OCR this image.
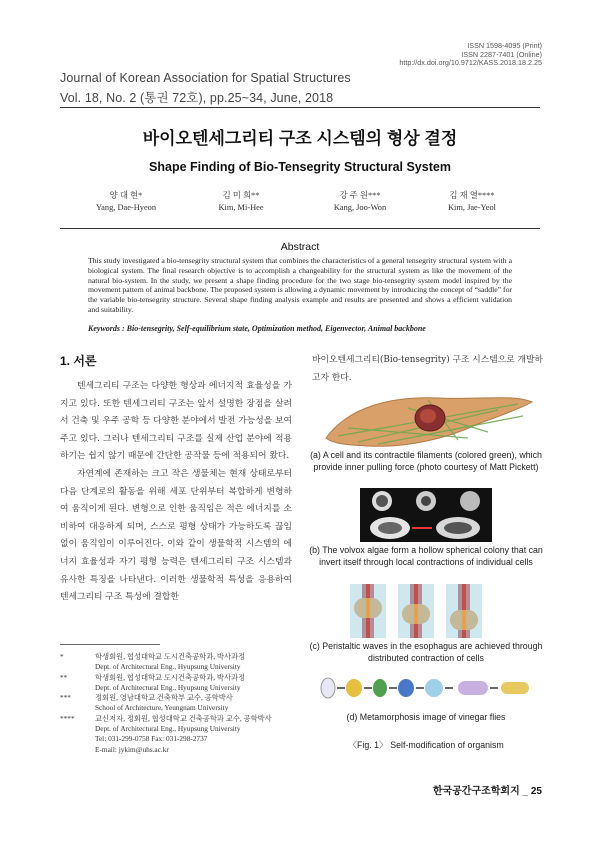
ISSN 1598-4095 (Print)
ISSN 2287-7401 (Online)
http://dx.doi.org/10.9712/KASS.2018.18.2.25
Journal of Korean Association for Spatial Structures
Vol. 18, No. 2 (통권 72호), pp.25~34, June, 2018
바이오텐세그리티 구조 시스템의 형상 결정
Shape Finding of Bio-Tensegrity Structural System
양 대 현*
Yang, Dae-Hyeon
김 미 희**
Kim, Mi-Hee
강 주 원***
Kang, Joo-Won
김 재 열****
Kim, Jae-Yeol
Abstract
This study investigated a bio-tensegrity structural system that combines the characteristics of a general tensegrity structural system with a biological system. The final research objective is to accomplish a changeability for the structural system as like the movement of the natural bio-system. In the study, we present a shape finding procedure for the two stage bio-tensegrity system model inspired by the movement pattern of animal backbone. The proposed system is allowing a dynamic movement by introducing the concept of “saddle” for the variable bio-tensegrity structure. Several shape finding analysis example and results are presented and shows a efficient validation and suitability.
Keywords : Bio-tensegrity, Self-equilibrium state, Optimization method, Eigenvector, Animal backbone
1. 서론

텐세그리티 구조는 다양한 형상과 에너지적 효율성을 가지고 있다. 또한 텐세그리티 구조는 앞서 설명한 장점을 살려서 건축 및 우주 공학 등 다양한 분야에서 발전 가능성을 보여주고 있다. 그러나 텐세그리티 구조를 실제 산업 분야에 적용하기는 쉽지 않기 때문에 간단한 공작물 등에 적용되어 왔다.

자연계에 존재하는 크고 작은 생물체는 현재 상태로부터 다음 단계로의 활동을 위해 세포 단위부터 복합하게 변형하여 움직이게 된다. 변형으로 인한 움직임은 적은 에너지를 소비하여 대응하게 되며, 스스로 평형 상태가 가능하도록 끊임없이 움직임이 이루어진다. 이와 같이 생물학적 시스템의 에너지 효율성과 자기 평형 능력은 텐세그리티 구조 시스템과 유사한 특징을 나타낸다. 이러한 생물학적 특성을 응용하여 텐세그리티 구조 특성에 결합한

*	학생회원, 협성대학교 도시건축공학과, 박사과정
Dept. of Architectural Eng., Hyupsung University
**	학생회원, 협성대학교 도시건축공학과, 박사과정
Dept. of Architectural Eng., Hyupsung University
***	정회원, 영남대학교 건축학부 교수, 공학박사
School of Architecture, Yeungnam University
****	교신저자, 정회원, 협성대학교 건축공학과 교수, 공학박사
Dept. of Architectural Eng., Hyupsung University
Tel: 031-299-0758 Fax: 031-298-2737
E-mail: jykim@uhs.ac.kr
바이오텐세그리티(Bio-tensegrity) 구조 시스템으로 개발하고자 한다.
(a) A cell and its contractile filaments (colored green), which provide inner pulling force (photo courtesy of Matt Pickett)
(b) The volvox algae form a hollow spherical colony that can invert itself through local contractions of individual cells
(c) Peristaltic waves in the esophagus are achieved through distributed contraction of cells
(d) Metamorphosis image of vinegar flies
〈Fig. 1〉 Self-modification of organism
한국공간구조학회지 _ 25
